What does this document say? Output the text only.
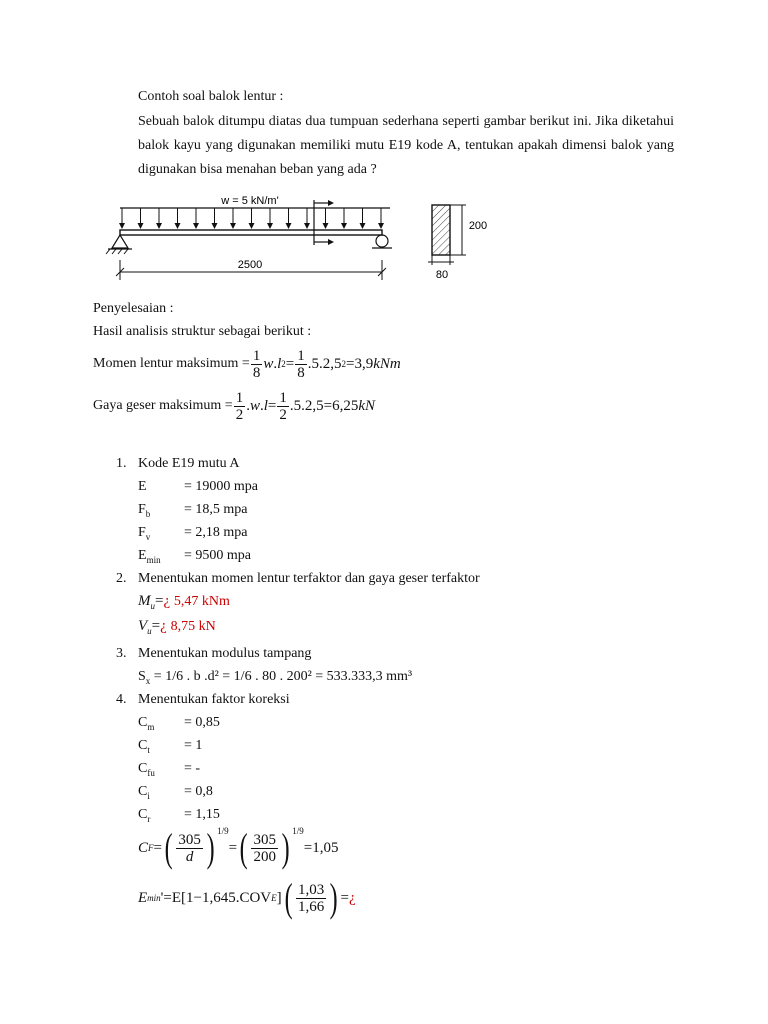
Contoh soal balok lentur :
Sebuah balok ditumpu diatas dua tumpuan sederhana seperti gambar berikut ini. Jika diketahui balok kayu yang digunakan memiliki mutu E19 kode A, tentukan apakah dimensi balok yang digunakan bisa menahan beban yang ada ?
2500
w = 5 kN/m'
200
80
Penyelesaian :
Hasil analisis struktur sebagai berikut :
Momen lentur maksimum = $\frac{1}{8}$ w . l $2 = \frac{1}{8} .5.2,5$ 2 =3,9 kNm
Gaya geser maksimum = $\frac{1}{2}$ . w . $l = \frac{1}{2} .5.2,5 =6,25$ kN
1. Kode E19 mutu A
E	= 19000 mpa
$F_b = 18,5$ mpa
$F_v = 2,18$ mpa
$E_{min} = 9500$ mpa
2. Menentukan momen lentur terfaktor dan gaya geser terfaktor
$M_u=¿$ 5,47 kNm
$V_u=¿$ 8,75 kN
3. Menentukan modulus tampang
$S_x = 1/6$ . b .d² = 1/6 . 80 . 200² = 533.333,3 mm³
4. Menentukan faktor koreksi
$C_m = 0,85$
$C_t = 1$
$C_{fu}$ = -
$C_i = 0,8$
$C_r = 1,15$
C F = ( $\frac{305}{d}$ ) $^{1/9}$
= ( $\frac{305}{200}$ ) $^{1/9}$
=1,05
E min ' =E[1−1,645.COV E ] ( $\frac{1,03}{1,66}$ ) = ¿
